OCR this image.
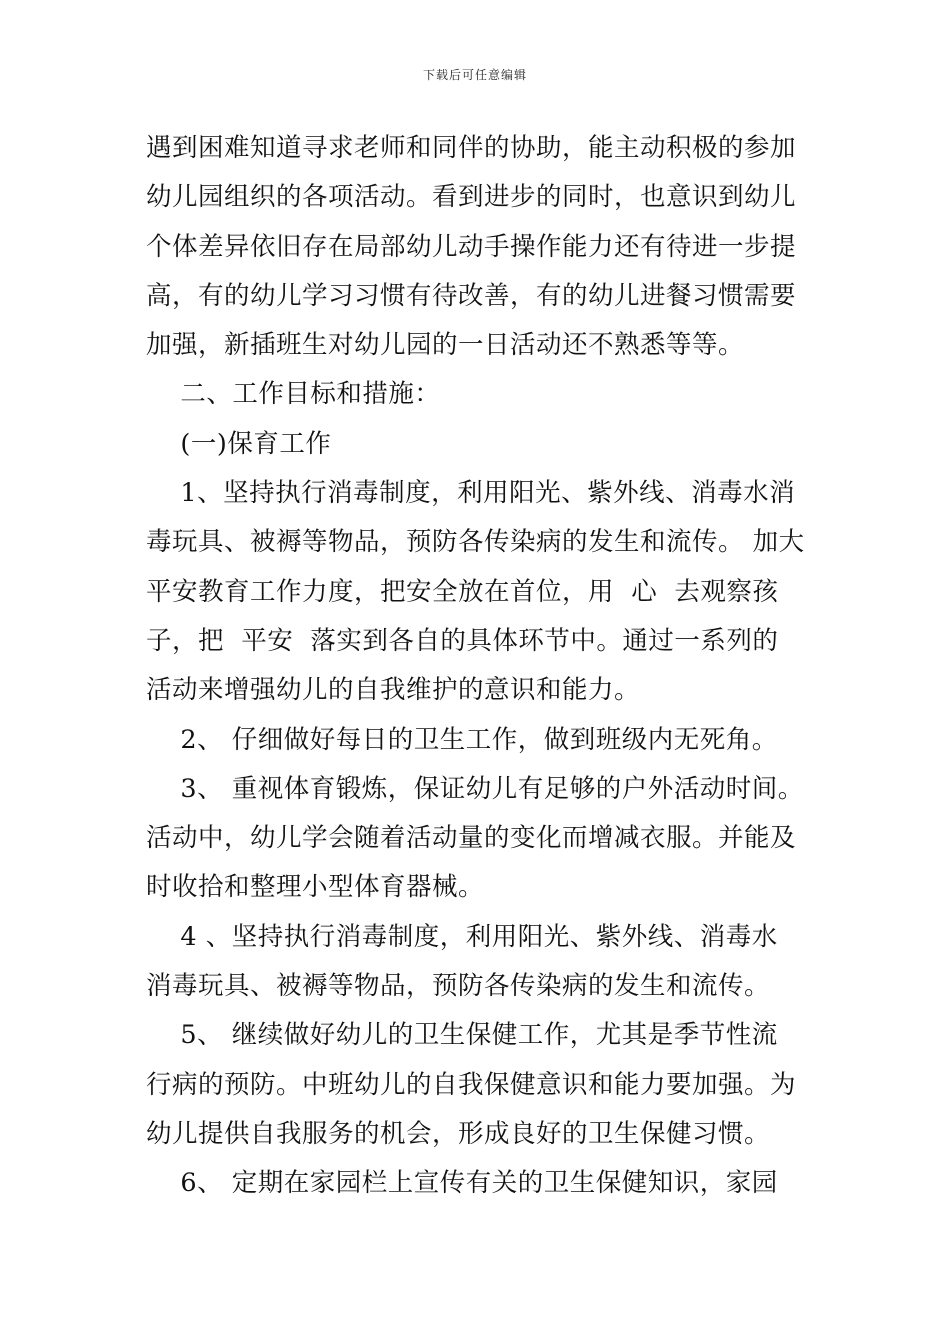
下载后可任意编辑
遇到困难知道寻求老师和同伴的协助，能主动积极的参加
幼儿园组织的各项活动。看到进步的同时，也意识到幼儿
个体差异依旧存在局部幼儿动手操作能力还有待进一步提
高，有的幼儿学习习惯有待改善，有的幼儿进餐习惯需要
加强，新插班生对幼儿园的一日活动还不熟悉等等。
二、工作目标和措施：
(一)保育工作
1、坚持执行消毒制度，利用阳光、紫外线、消毒水消
毒玩具、被褥等物品，预防各传染病的发生和流传。 加大
平安教育工作力度，把安全放在首位，用  心  去观察孩
子，把  平安  落实到各自的具体环节中。通过一系列的
活动来增强幼儿的自我维护的意识和能力。
2、 仔细做好每日的卫生工作，做到班级内无死角。
3、 重视体育锻炼，保证幼儿有足够的户外活动时间。
活动中，幼儿学会随着活动量的变化而增减衣服。并能及
时收拾和整理小型体育器械。
4 、坚持执行消毒制度，利用阳光、紫外线、消毒水
消毒玩具、被褥等物品，预防各传染病的发生和流传。
5、 继续做好幼儿的卫生保健工作，尤其是季节性流
行病的预防。中班幼儿的自我保健意识和能力要加强。为
幼儿提供自我服务的机会，形成良好的卫生保健习惯。
6、 定期在家园栏上宣传有关的卫生保健知识，家园
